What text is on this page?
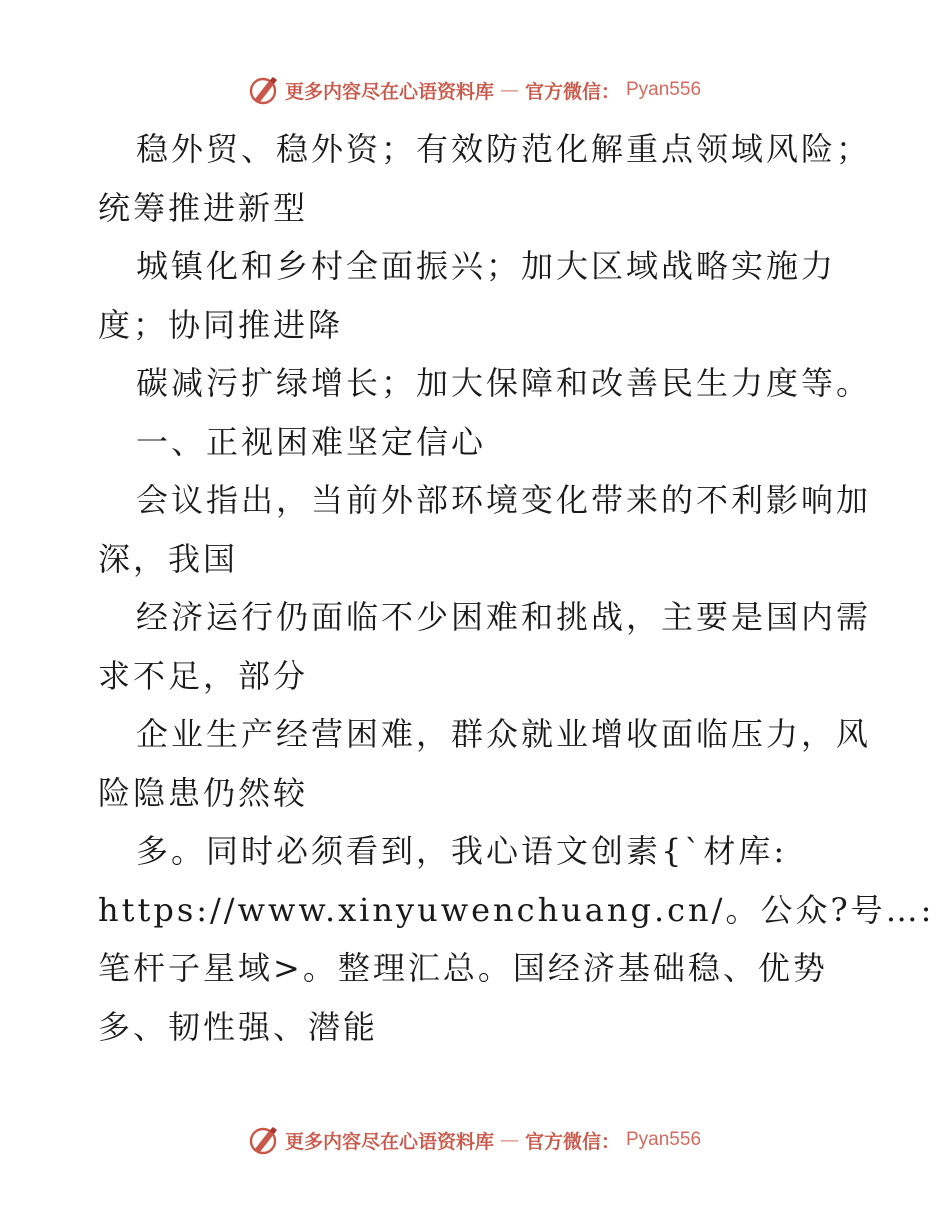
更多内容尽在心语资料库 — 官方微信： Pyan556
稳外贸、稳外资；有效防范化解重点领域风险；
统筹推进新型
城镇化和乡村全面振兴；加大区域战略实施力
度；协同推进降
碳减污扩绿增长；加大保障和改善民生力度等。
一、正视困难坚定信心
会议指出，当前外部环境变化带来的不利影响加
深，我国
经济运行仍面临不少困难和挑战，主要是国内需
求不足，部分
企业生产经营困难，群众就业增收面临压力，风
险隐患仍然较
多。同时必须看到，我心语文创素{`材库:
https://www.xinyuwenchuang.cn/。公众?号…:
笔杆子星域>。整理汇总。国经济基础稳、优势
多、韧性强、潜能
更多内容尽在心语资料库 — 官方微信： Pyan556
